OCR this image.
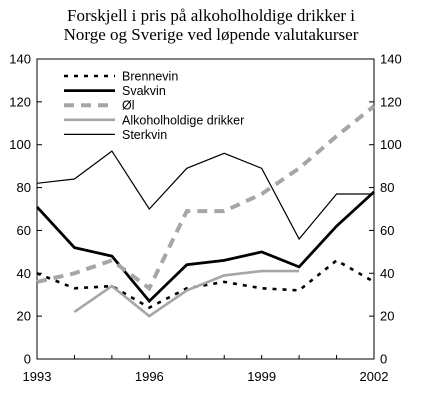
Forskjell i pris på alkoholholdige drikker i
Norge og Sverige ved løpende valutakurser
0	0
20	20
40	40
60	60
80	80
100	100
120	120
140	140
1993	1996	1999	2002
Brennevin
Svakvin
Øl
Alkoholholdige drikker
Sterkvin
